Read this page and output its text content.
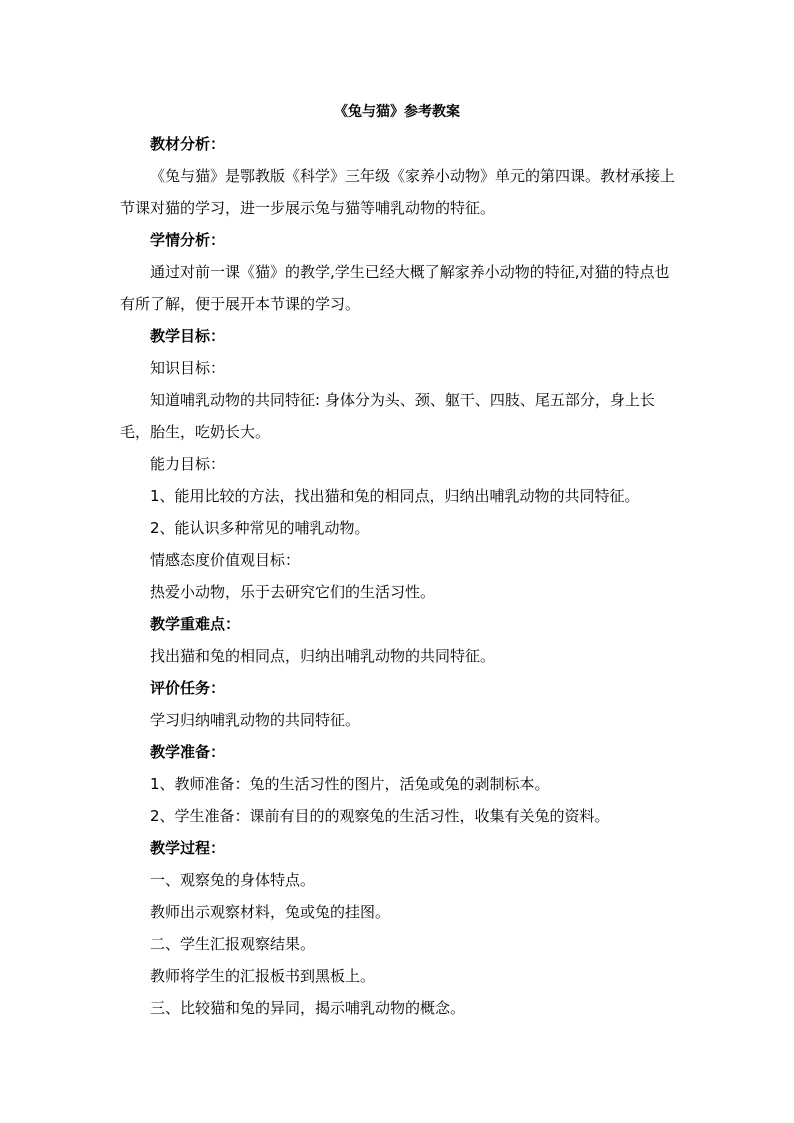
《兔与猫》参考教案
教材分析：
《兔与猫》是鄂教版《科学》三年级《家养小动物》单元的第四课。教材承接上节课对猫的学习，进一步展示兔与猫等哺乳动物的特征。
学情分析：
通过对前一课《猫》的教学,学生已经大概了解家养小动物的特征,对猫的特点也有所了解，便于展开本节课的学习。
教学目标：
知识目标：
知道哺乳动物的共同特征: 身体分为头、颈、躯干、四肢、尾五部分，身上长毛，胎生，吃奶长大。
能力目标：
1、能用比较的方法，找出猫和兔的相同点，归纳出哺乳动物的共同特征。
2、能认识多种常见的哺乳动物。
情感态度价值观目标：
热爱小动物，乐于去研究它们的生活习性。
教学重难点：
找出猫和兔的相同点，归纳出哺乳动物的共同特征。
评价任务：
学习归纳哺乳动物的共同特征。
教学准备：
1、教师准备：兔的生活习性的图片，活兔或兔的剥制标本。
2、学生准备：课前有目的的观察兔的生活习性，收集有关兔的资料。
教学过程：
一、观察兔的身体特点。
教师出示观察材料，兔或兔的挂图。
二、学生汇报观察结果。
教师将学生的汇报板书到黑板上。
三、比较猫和兔的异同，揭示哺乳动物的概念。
